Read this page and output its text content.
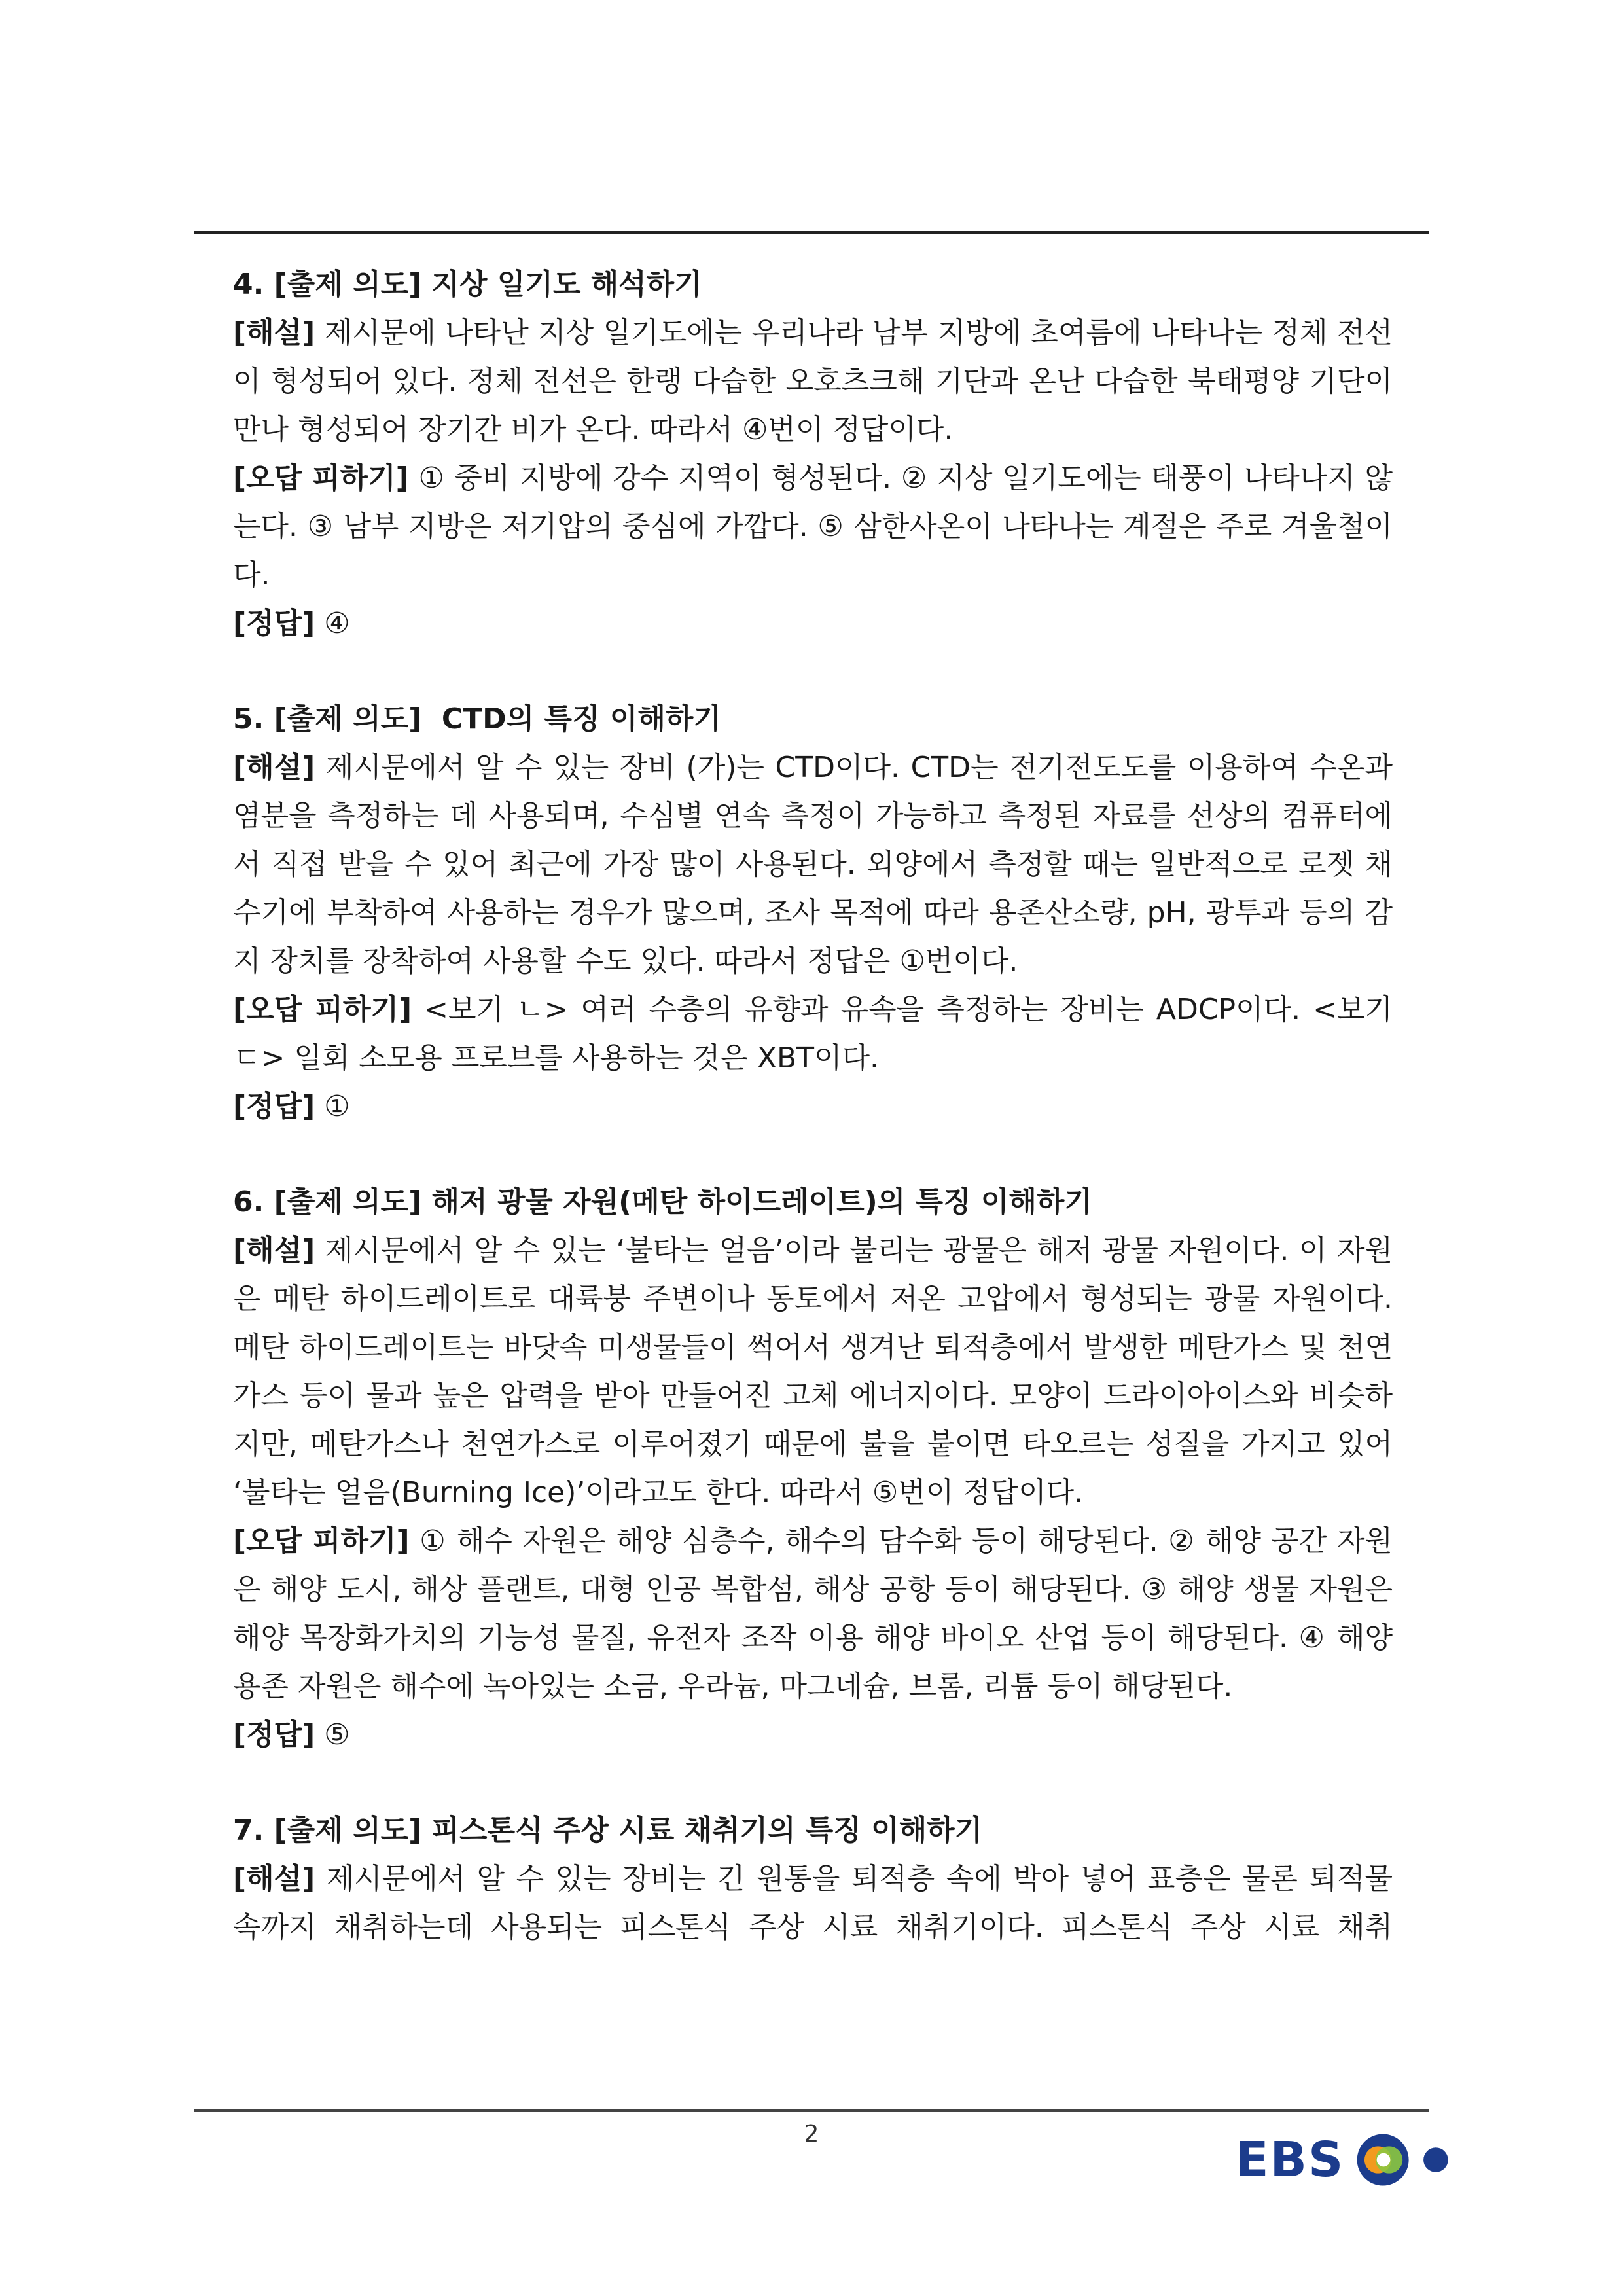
4. [출제 의도] 지상 일기도 해석하기

[해설] 제시문에 나타난 지상 일기도에는 우리나라 남부 지방에 초여름에 나타나는 정체 전선이 형성되어 있다. 정체 전선은 한랭 다습한 오호츠크해 기단과 온난 다습한 북태평양 기단이 만나 형성되어 장기간 비가 온다. 따라서 ④번이 정답이다.

[오답 피하기] ① 중비 지방에 강수 지역이 형성된다. ② 지상 일기도에는 태풍이 나타나지 않는다. ③ 남부 지방은 저기압의 중심에 가깝다. ⑤ 삼한사온이 나타나는 계절은 주로 겨울철이다.

[정답] ④

5. [출제 의도]  CTD의 특징 이해하기

[해설] 제시문에서 알 수 있는 장비 (가)는 CTD이다. CTD는 전기전도도를 이용하여 수온과 염분을 측정하는 데 사용되며, 수심별 연속 측정이 가능하고 측정된 자료를 선상의 컴퓨터에서 직접 받을 수 있어 최근에 가장 많이 사용된다. 외양에서 측정할 때는 일반적으로 로젯 채수기에 부착하여 사용하는 경우가 많으며, 조사 목적에 따라 용존산소량, pH, 광투과 등의 감지 장치를 장착하여 사용할 수도 있다. 따라서 정답은 ①번이다.

[오답 피하기] <보기 ㄴ> 여러 수층의 유향과 유속을 측정하는 장비는 ADCP이다. <보기 ㄷ> 일회 소모용 프로브를 사용하는 것은 XBT이다.

[정답] ①

6. [출제 의도] 해저 광물 자원(메탄 하이드레이트)의 특징 이해하기

[해설] 제시문에서 알 수 있는 ‘불타는 얼음’이라 불리는 광물은 해저 광물 자원이다. 이 자원은 메탄 하이드레이트로 대륙붕 주변이나 동토에서 저온 고압에서 형성되는 광물 자원이다. 메탄 하이드레이트는 바닷속 미생물들이 썩어서 생겨난 퇴적층에서 발생한 메탄가스 및 천연가스 등이 물과 높은 압력을 받아 만들어진 고체 에너지이다. 모양이 드라이아이스와 비슷하지만, 메탄가스나 천연가스로 이루어졌기 때문에 불을 붙이면 타오르는 성질을 가지고 있어 ‘불타는 얼음(Burning Ice)’이라고도 한다. 따라서 ⑤번이 정답이다.

[오답 피하기] ① 해수 자원은 해양 심층수, 해수의 담수화 등이 해당된다. ② 해양 공간 자원은 해양 도시, 해상 플랜트, 대형 인공 복합섬, 해상 공항 등이 해당된다. ③ 해양 생물 자원은 해양 목장화가치의 기능성 물질, 유전자 조작 이용 해양 바이오 산업 등이 해당된다. ④ 해양 용존 자원은 해수에 녹아있는 소금, 우라늄, 마그네슘, 브롬, 리튬 등이 해당된다.

[정답] ⑤

7. [출제 의도] 피스톤식 주상 시료 채취기의 특징 이해하기

[해설] 제시문에서 알 수 있는 장비는 긴 원통을 퇴적층 속에 박아 넣어 표층은 물론 퇴적물 속까지 채취하는데 사용되는 피스톤식 주상 시료 채취기이다. 피스톤식 주상 시료 채취

2	EBS
